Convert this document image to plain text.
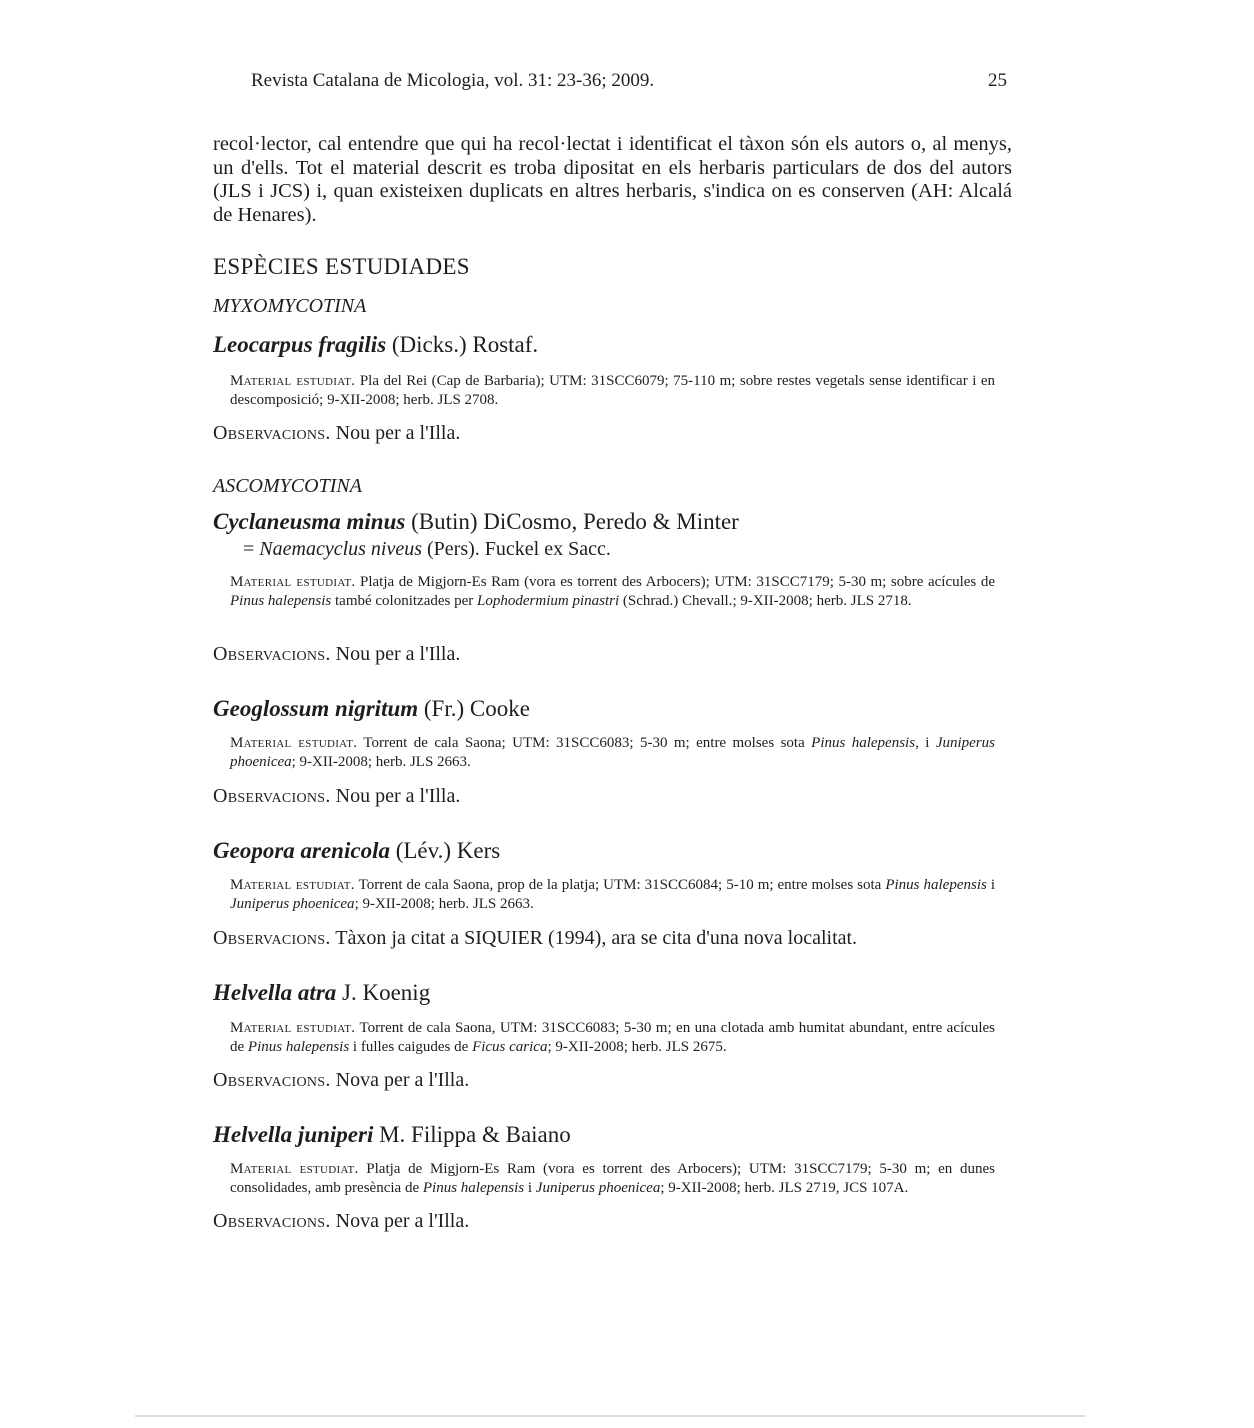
Revista Catalana de Micologia, vol. 31: 23-36; 2009.	25

recol·lector, cal entendre que qui ha recol·lectat i identificat el tàxon són els autors o, al menys, un d'ells. Tot el material descrit es troba dipositat en els herbaris particulars de dos del autors (JLS i JCS) i, quan existeixen duplicats en altres herbaris, s'indica on es conserven (AH: Alcalá de Henares).

ESPÈCIES ESTUDIADES
MYXOMYCOTINA

Leocarpus fragilis (Dicks.) Rostaf.

Material estudiat. Pla del Rei (Cap de Barbaria); UTM: 31SCC6079; 75-110 m; sobre restes vegetals sense identificar i en descomposició; 9-XII-2008; herb. JLS 2708.

Observacions. Nou per a l'Illa.

ASCOMYCOTINA

Cyclaneusma minus (Butin) DiCosmo, Peredo & Minter

= Naemacyclus niveus (Pers). Fuckel ex Sacc.

Material estudiat. Platja de Migjorn-Es Ram (vora es torrent des Arbocers); UTM: 31SCC7179; 5-30 m; sobre acícules de Pinus halepensis també colonitzades per Lophodermium pinastri (Schrad.) Chevall.; 9-XII-2008; herb. JLS 2718.

Observacions. Nou per a l'Illa.

Geoglossum nigritum (Fr.) Cooke

Material estudiat. Torrent de cala Saona; UTM: 31SCC6083; 5-30 m; entre molses sota Pinus halepensis, i Juniperus phoenicea; 9-XII-2008; herb. JLS 2663.

Observacions. Nou per a l'Illa.

Geopora arenicola (Lév.) Kers

Material estudiat. Torrent de cala Saona, prop de la platja; UTM: 31SCC6084; 5-10 m; entre molses sota Pinus halepensis i Juniperus phoenicea; 9-XII-2008; herb. JLS 2663.

Observacions. Tàxon ja citat a SIQUIER (1994), ara se cita d'una nova localitat.

Helvella atra J. Koenig

Material estudiat. Torrent de cala Saona, UTM: 31SCC6083; 5-30 m; en una clotada amb humitat abundant, entre acícules de Pinus halepensis i fulles caigudes de Ficus carica; 9-XII-2008; herb. JLS 2675.

Observacions. Nova per a l'Illa.

Helvella juniperi M. Filippa & Baiano

Material estudiat. Platja de Migjorn-Es Ram (vora es torrent des Arbocers); UTM: 31SCC7179; 5-30 m; en dunes consolidades, amb presència de Pinus halepensis i Juniperus phoenicea; 9-XII-2008; herb. JLS 2719, JCS 107A.

Observacions. Nova per a l'Illa.
